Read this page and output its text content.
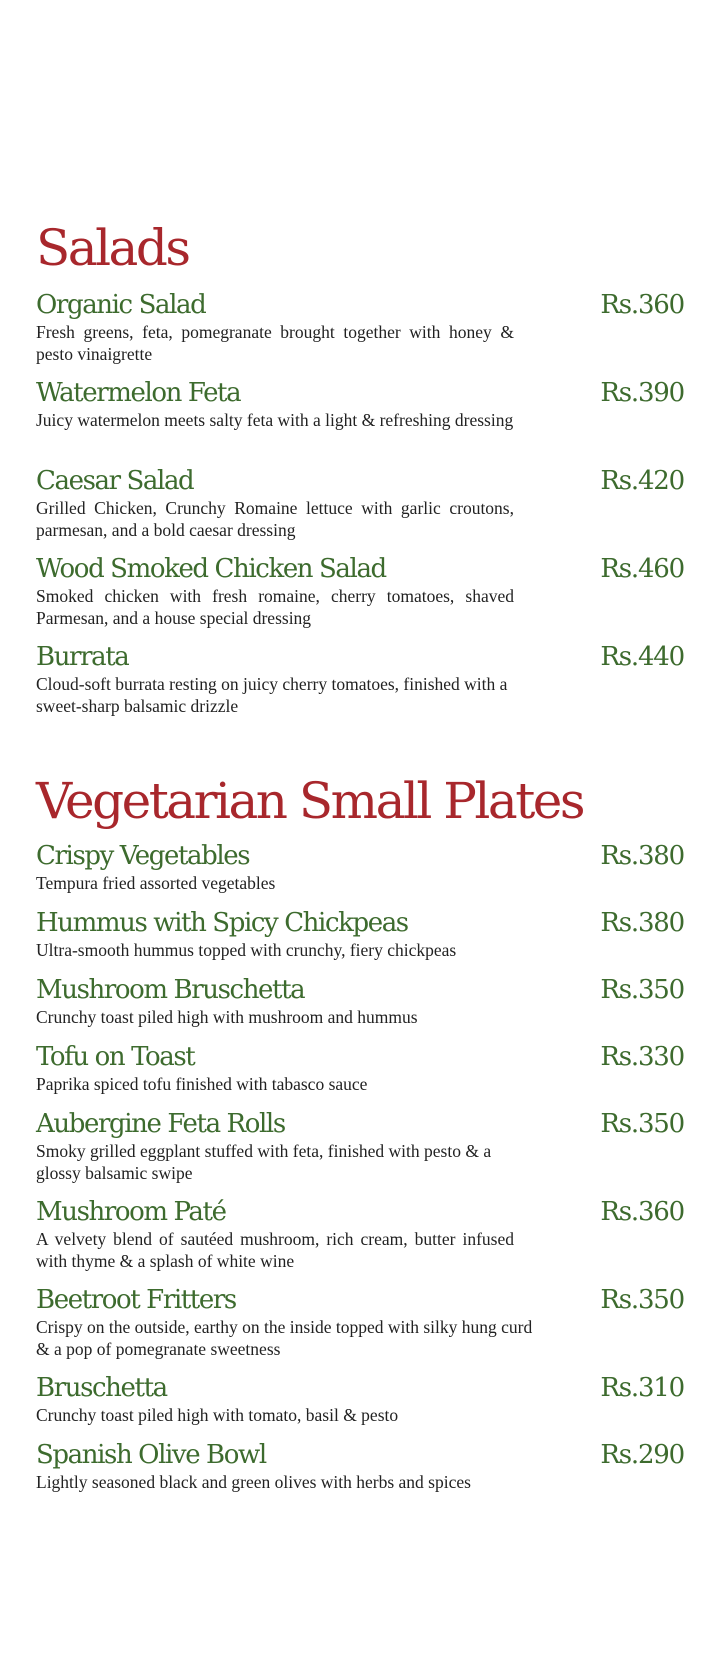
Salads
Organic Salad	Rs.360

Fresh greens, feta, pomegranate brought together with honey & pesto vinaigrette

Watermelon Feta	Rs.390

Juicy watermelon meets salty feta with a light & refreshing dressing

Caesar Salad	Rs.420

Grilled Chicken, Crunchy Romaine lettuce with garlic croutons, parmesan, and a bold caesar dressing

Wood Smoked Chicken Salad	Rs.460

Smoked chicken with fresh romaine, cherry tomatoes, shaved Parmesan, and a house special dressing

Burrata	Rs.440

Cloud-soft burrata resting on juicy cherry tomatoes, finished with a sweet-sharp balsamic drizzle

Vegetarian Small Plates
Crispy Vegetables	Rs.380

Tempura fried assorted vegetables

Hummus with Spicy Chickpeas	Rs.380

Ultra-smooth hummus topped with crunchy, fiery chickpeas

Mushroom Bruschetta	Rs.350

Crunchy toast piled high with mushroom and hummus

Tofu on Toast	Rs.330

Paprika spiced tofu finished with tabasco sauce

Aubergine Feta Rolls	Rs.350

Smoky grilled eggplant stuffed with feta, finished with pesto & a glossy balsamic swipe

Mushroom Paté	Rs.360

A velvety blend of sautéed mushroom, rich cream, butter infused with thyme & a splash of white wine

Beetroot Fritters	Rs.350

Crispy on the outside, earthy on the inside topped with silky hung curd & a pop of pomegranate sweetness

Bruschetta	Rs.310

Crunchy toast piled high with tomato, basil & pesto

Spanish Olive Bowl	Rs.290

Lightly seasoned black and green olives with herbs and spices
